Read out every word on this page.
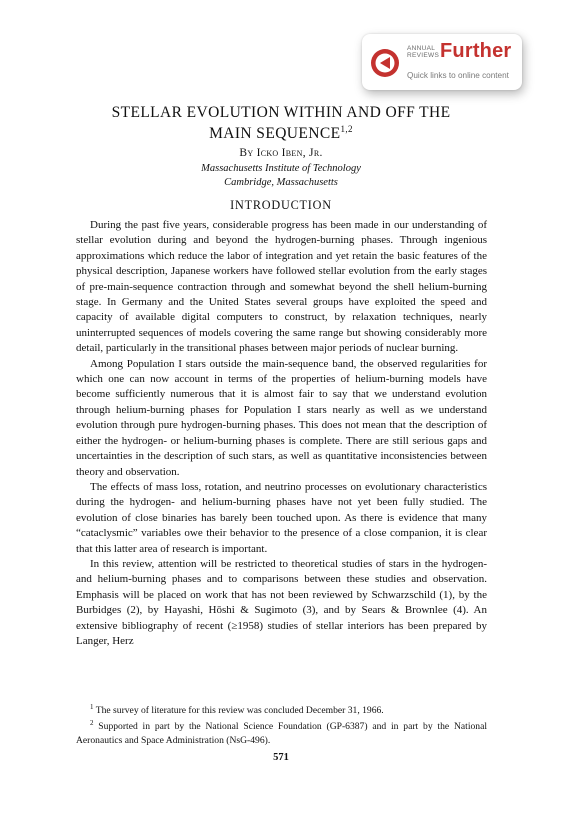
ANNUAL
REVIEWS Further
Quick links to online content
STELLAR EVOLUTION WITHIN AND OFF THE
MAIN SEQUENCE$^{1,2}$
By Icko Iben, Jr.
Massachusetts Institute of Technology
Cambridge, Massachusetts
INTRODUCTION

During the past five years, considerable progress has been made in our understanding of stellar evolution during and beyond the hydrogen-burning phases. Through ingenious approximations which reduce the labor of integration and yet retain the basic features of the physical description, Japanese workers have followed stellar evolution from the early stages of pre-main-sequence contraction through and somewhat beyond the shell helium-burning stage. In Germany and the United States several groups have exploited the speed and capacity of available digital computers to construct, by relaxation techniques, nearly uninterrupted sequences of models covering the same range but showing considerably more detail, particularly in the transitional phases between major periods of nuclear burning.

Among Population I stars outside the main-sequence band, the observed regularities for which one can now account in terms of the properties of helium-burning models have become sufficiently numerous that it is almost fair to say that we understand evolution through helium-burning phases for Population I stars nearly as well as we understand evolution through pure hydrogen-burning phases. This does not mean that the description of either the hydrogen- or helium-burning phases is complete. There are still serious gaps and uncertainties in the description of such stars, as well as quantitative inconsistencies between theory and observation.

The effects of mass loss, rotation, and neutrino processes on evolutionary characteristics during the hydrogen- and helium-burning phases have not yet been fully studied. The evolution of close binaries has barely been touched upon. As there is evidence that many “cataclysmic” variables owe their behavior to the presence of a close companion, it is clear that this latter area of research is important.

In this review, attention will be restricted to theoretical studies of stars in the hydrogen- and helium-burning phases and to comparisons between these studies and observation. Emphasis will be placed on work that has not been reviewed by Schwarzschild (1), by the Burbidges (2), by Hayashi, Hōshi & Sugimoto (3), and by Sears & Brownlee (4). An extensive bibliography of recent (≥1958) studies of stellar interiors has been prepared by Langer, Herz

$^1$ The survey of literature for this review was concluded December 31, 1966.

$^2$ Supported in part by the National Science Foundation (GP-6387) and in part by the National Aeronautics and Space Administration (NsG-496).

571
